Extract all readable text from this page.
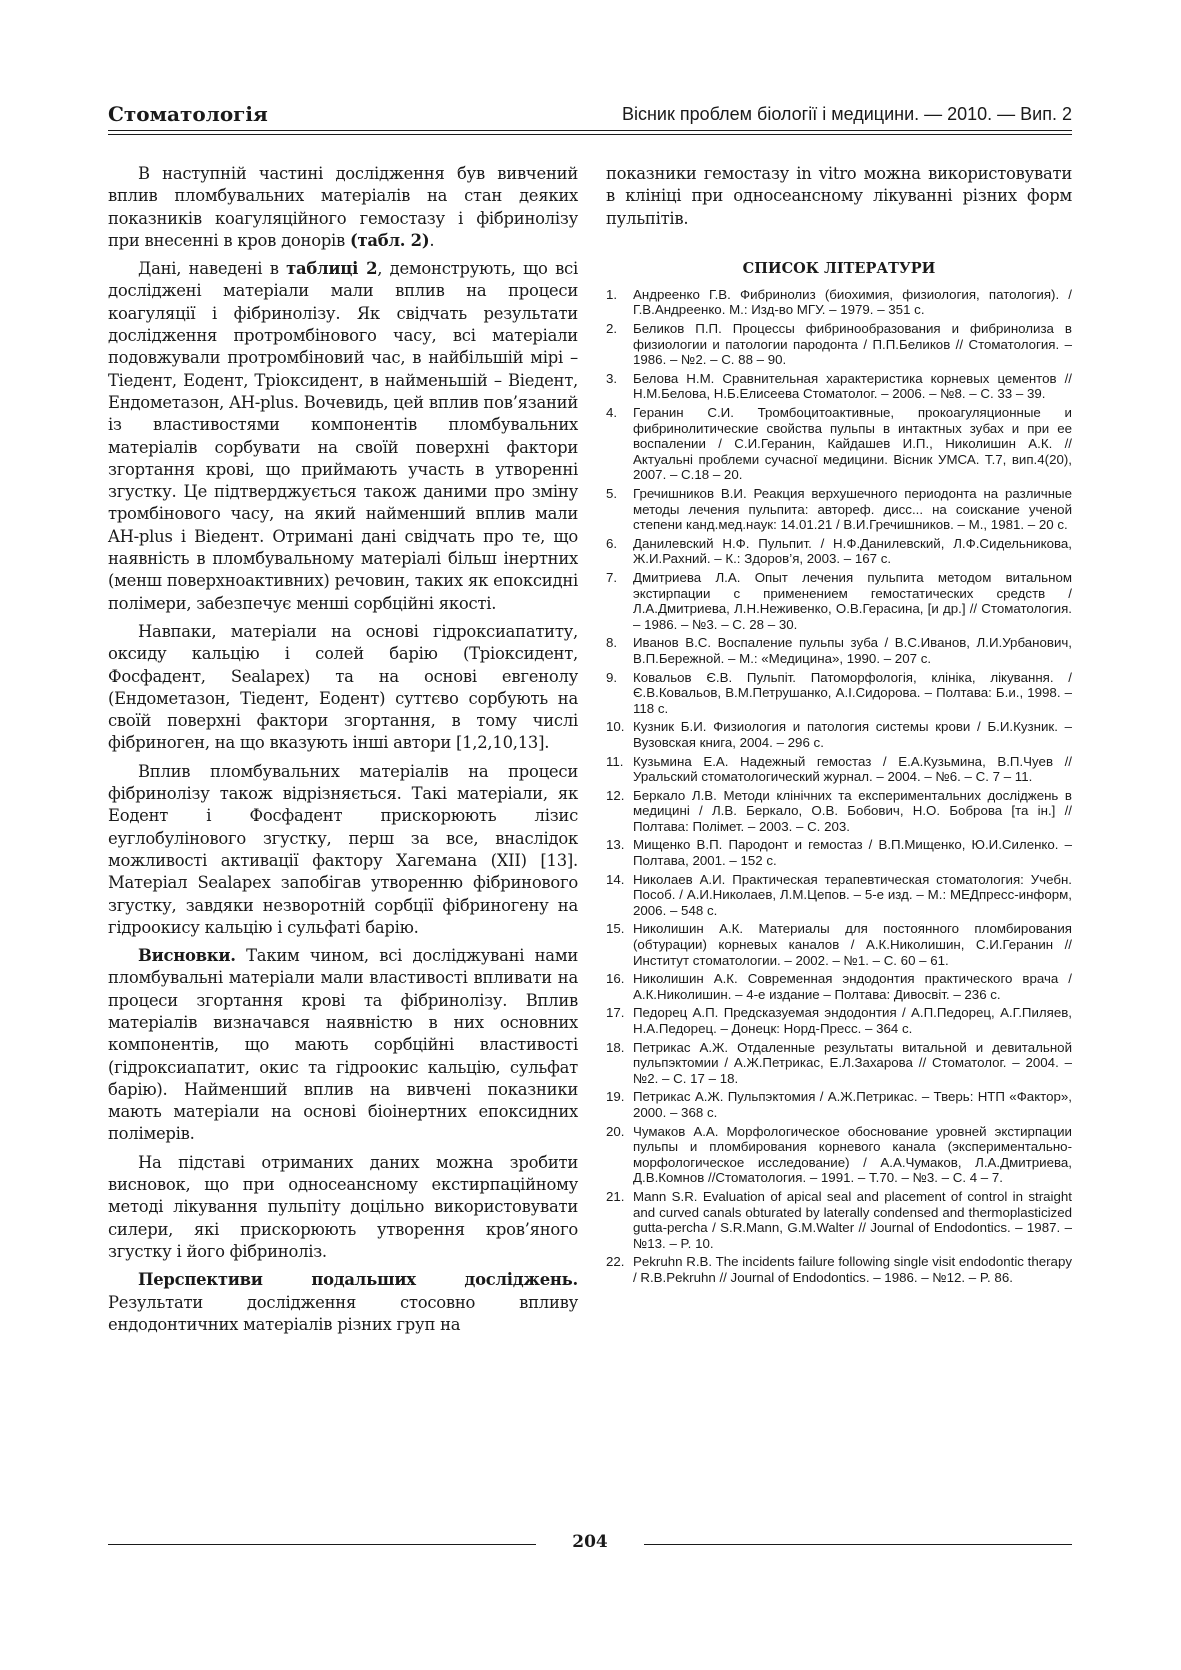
Стоматологія	Вісник проблем біології і медицини. — 2010. — Вип. 2

В наступній частині дослідження був вивчений вплив пломбувальних матеріалів на стан деяких показників коагуляційного гемостазу і фібринолізу при внесенні в кров донорів (табл. 2).

Дані, наведені в таблиці 2, демонструють, що всі досліджені матеріали мали вплив на процеси коагуляції і фібринолізу. Як свідчать результати дослідження протромбінового часу, всі матеріали подовжували протромбіновий час, в найбільшій мірі – Тіедент, Еодент, Тріоксидент, в найменьшій – Віедент, Ендометазон, AH-plus. Вочевидь, цей вплив пов’язаний із властивостями компонентів пломбувальних матеріалів сорбувати на своїй поверхні фактори згортання крові, що приймають участь в утворенні згустку. Це підтверджується також даними про зміну тромбінового часу, на який найменший вплив мали AH-plus і Віедент. Отримані дані свідчать про те, що наявність в пломбувальному матеріалі більш інертних (менш поверхноактивних) речовин, таких як епоксидні полімери, забезпечує менші сорбційні якості.

Навпаки, матеріали на основі гідроксиапатиту, оксиду кальцію і солей барію (Тріоксидент, Фосфадент, Sealapex) та на основі евгенолу (Ендометазон, Тіедент, Еодент) суттєво сорбують на своїй поверхні фактори згортання, в тому числі фібриноген, на що вказують інші автори [1,2,10,13].

Вплив пломбувальних матеріалів на процеси фібринолізу також відрізняється. Такі матеріали, як Еодент і Фосфадент прискорюють лізис еуглобулінового згустку, перш за все, внаслідок можливості активації фактору Хагемана (XII) [13]. Матеріал Sealapex запобігав утворенню фібринового згустку, завдяки незворотній сорбції фібриногену на гідроокису кальцію і сульфаті барію.

Висновки. Таким чином, всі досліджувані нами пломбувальні матеріали мали властивості впливати на процеси згортання крові та фібринолізу. Вплив матеріалів визначався наявністю в них основних компонентів, що мають сорбційні властивості (гідроксиапатит, окис та гідроокис кальцію, сульфат барію). Найменший вплив на вивчені показники мають матеріали на основі біоінертних епоксидних полімерів.

На підставі отриманих даних можна зробити висновок, що при односеансному екстирпаційному методі лікування пульпіту доцільно використовувати силери, які прискорюють утворення кров’яного згустку і його фібриноліз.

Перспективи подальших досліджень. Результати дослідження стосовно впливу ендодонтичних матеріалів різних груп на

показники гемостазу in vitro можна використовувати в клініці при односеансному лікуванні різних форм пульпітів.

СПИСОК ЛІТЕРАТУРИ
1. Андреенко Г.В. Фибринолиз (биохимия, физиология, патология). / Г.В.Андреенко. М.: Изд-во МГУ. – 1979. – 351 с.
2. Беликов П.П. Процессы фибринообразования и фибринолиза в физиологии и патологии пародонта / П.П.Беликов // Стоматология. – 1986. – №2. – С. 88 – 90.
3. Белова Н.М. Сравнительная характеристика корневых цементов // Н.М.Белова, Н.Б.Елисеева Стоматолог. – 2006. – №8. – С. 33 – 39.
4. Геранин С.И. Тромбоцитоактивные, прокоагуляционные и фибринолитические свойства пульпы в интактных зубах и при ее воспалении / С.И.Геранин, Кайдашев И.П., Николишин А.К. // Актуальні проблеми сучасної медицини. Вісник УМСА. Т.7, вип.4(20), 2007. – С.18 – 20.
5. Гречишников В.И. Реакция верхушечного периодонта на различные методы лечения пульпита: автореф. дисс... на соискание ученой степени канд.мед.наук: 14.01.21 / В.И.Гречишников. – М., 1981. – 20 с.
6. Данилевский Н.Ф. Пульпит. / Н.Ф.Данилевский, Л.Ф.Сидельникова, Ж.И.Рахний. – К.: Здоров’я, 2003. – 167 с.
7. Дмитриева Л.А. Опыт лечения пульпита методом витальном экстирпации с применением гемостатических средств / Л.А.Дмитриева, Л.Н.Неживенко, О.В.Герасина, [и др.] // Стоматология. – 1986. – №3. – С. 28 – 30.
8. Иванов В.С. Воспаление пульпы зуба / В.С.Иванов, Л.И.Урбанович, В.П.Бережной. – М.: «Медицина», 1990. – 207 с.
9. Ковальов Є.В. Пульпіт. Патоморфологія, клініка, лікування. / Є.В.Ковальов, В.М.Петрушанко, А.І.Сидорова. – Полтава: Б.и., 1998. – 118 с.
10. Кузник Б.И. Физиология и патология системы крови / Б.И.Кузник. – Вузовская книга, 2004. – 296 с.
11. Кузьмина Е.А. Надежный гемостаз / Е.А.Кузьмина, В.П.Чуев // Уральский стоматологический журнал. – 2004. – №6. – С. 7 – 11.
12. Беркало Л.В. Методи клінічних та експериментальних досліджень в медицині / Л.В. Беркало, О.В. Бобович, Н.О. Боброва [та ін.] // Полтава: Полімет. – 2003. – С. 203.
13. Мищенко В.П. Пародонт и гемостаз / В.П.Мищенко, Ю.И.Силенко. – Полтава, 2001. – 152 с.
14. Николаев А.И. Практическая терапевтическая стоматология: Учебн. Пособ. / А.И.Николаев, Л.М.Цепов. – 5-е изд. – М.: МЕДпресс-информ, 2006. – 548 с.
15. Николишин А.К. Материалы для постоянного пломбирования (обтурации) корневых каналов / А.К.Николишин, С.И.Геранин // Институт стоматологии. – 2002. – №1. – С. 60 – 61.
16. Николишин А.К. Современная эндодонтия практического врача / А.К.Николишин. – 4-е издание – Полтава: Дивосвіт. – 236 с.
17. Педорец А.П. Предсказуемая эндодонтия / А.П.Педорец, А.Г.Пиляев, Н.А.Педорец. – Донецк: Норд-Пресс. – 364 с.
18. Петрикас А.Ж. Отдаленные результаты витальной и девитальной пульпэктомии / А.Ж.Петрикас, Е.Л.Захарова // Стоматолог. – 2004. – №2. – С. 17 – 18.
19. Петрикас А.Ж. Пульпэктомия / А.Ж.Петрикас. – Тверь: НТП «Фактор», 2000. – 368 с.
20. Чумаков А.А. Морфологическое обоснование уровней экстирпации пульпы и пломбирования корневого канала (экспериментально-морфологическое исследование) / А.А.Чумаков, Л.А.Дмитриева, Д.В.Комнов //Стоматология. – 1991. – Т.70. – №3. – С. 4 – 7.
21. Mann S.R. Evaluation of apical seal and placement of control in straight and curved canals obturated by laterally condensed and thermoplasticized gutta-percha / S.R.Mann, G.M.Walter // Journal of Endodontics. – 1987. – №13. – P. 10.
22. Pekruhn R.B. The incidents failure following single visit endodontic therapy / R.B.Pekruhn // Journal of Endodontics. – 1986. – №12. – P. 86.
204
